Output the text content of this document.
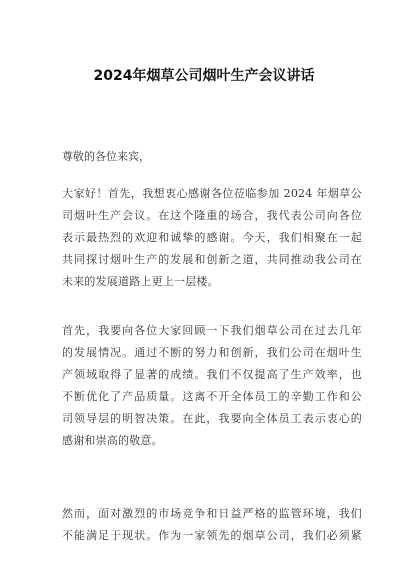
2024年烟草公司烟叶生产会议讲话
尊敬的各位来宾，
大家好！首先，我想衷心感谢各位莅临参加 2024 年烟草公
司烟叶生产会议。在这个隆重的场合，我代表公司向各位
表示最热烈的欢迎和诚挚的感谢。今天，我们相聚在一起
共同探讨烟叶生产的发展和创新之道，共同推动我公司在
未来的发展道路上更上一层楼。
首先，我要向各位大家回顾一下我们烟草公司在过去几年
的发展情况。通过不断的努力和创新，我们公司在烟叶生
产领域取得了显著的成绩。我们不仅提高了生产效率，也
不断优化了产品质量。这离不开全体员工的辛勤工作和公
司领导层的明智决策。在此，我要向全体员工表示衷心的
感谢和崇高的敬意。
然而，面对激烈的市场竞争和日益严格的监管环境，我们
不能满足于现状。作为一家领先的烟草公司，我们必须紧
